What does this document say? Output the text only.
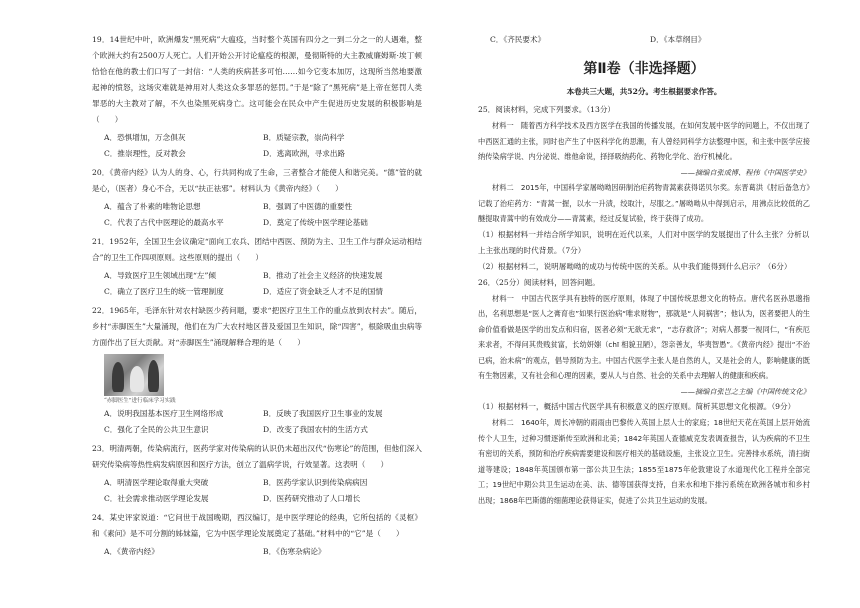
19．14世纪中叶，欧洲爆发“黑死病”大瘟疫，当时整个英国有四分之一到二分之一的人遇难，整个欧洲大约有2500万人死亡。人们开始公开讨论瘟疫的根源，曼彻斯特的大主教威廉姆斯·埃丁顿恰恰在他的教士们口写了一封信：“人类的疾病甚多可怕……如今它变本加厉，这现所当然地要激起神的愤怒，这场灾难就是神用对人类这众多罪恶的惩罚。”于是“除了“黑死病”是上帝在惩罚人类罪恶的大主教对了解，不久也染黑死病身亡。这可能会在民众中产生促进历史发展的积极影响是（　　）

A．恐惧增加，万念俱灰	B．质疑宗教，崇尚科学
C．推崇理性，反对教会	D．逃离欧洲，寻求出路

20．《黄帝内经》认为人的身、心，行共同构成了生命，三者整合才能使人和谐完美。“德”管的就是心，（医者）身心不合，无以“扶正祛邪”。材料认为《黄帝内经》（　　）

A．蕴含了朴素的唯物论思想	B．强调了中医德的重要性
C．代表了古代中医理论的最高水平	D．奠定了传统中医学理论基础

21．1952年，全国卫生会议确定“面向工农兵、团结中西医、预防为主、卫生工作与群众运动相结合”的卫生工作四项原则。这些原则的提出（　　）

A．导致医疗卫生领域出现“左”倾	B．推动了社会主义经济的快速发展
C．确立了医疗卫生的统一管理制度	D．适应了资金缺乏人才不足的国情

22．1965年，毛泽东针对农村缺医少药问题，要求“把医疗卫生工作的重点放到农村去”。随后，乡村“赤脚医生”大量涌现，他们在为广大农村地区普及爱国卫生知识，除“四害”，根除吸血虫病等方面作出了巨大贡献。对“赤脚医生”涌现解释合理的是（　　）

“赤脚医生”进行临床学习实践
A．说明我国基本医疗卫生网络形成	B．反映了我国医疗卫生事业的发展
C．强化了全民的公共卫生意识	D．改变了我国农村的生活方式

23．明清两朝，传染病流行，医药学家对传染病的认识仍未超出汉代“伤寒论”的范围，但他们深入研究传染病等热性病发病原因和医疗方法，创立了温病学说，行效显著。这表明（　　）

A．明清医学理论取得重大突破	B．医药学家认识到传染病病因
C．社会需求推动医学理论发展	D．医药研究推动了人口增长

24．某史评家说道：“它问世于战国晚期，西汉编订，是中医学理论的经典，它所包括的《灵枢》和《素问》是不可分割的姊妹篇，它为中医学理论发展奠定了基础。”材料中的“它”是（　　）

A．《黄帝内经》	B．《伤寒杂病论》
C．《齐民要术》	D．《本草纲目》
第Ⅱ卷（非选择题）
本卷共三大题，共52分。考生根据要求作答。

25．阅读材料，完成下列要求。（13分）

材料一　随着西方科学技术及西方医学在我国的传播发展，在如何发展中医学的问题上，不仅出现了中西医汇通的主张，同时也产生了中医科学化的思潮，有人曾经同科学方法整理中医，和主张中医学应接纳传染病学说、内分泌说、维他命说，择择吸纳药化、药物化学化、治疗机械化。

——摘编自张成博、程伟《中国医学史》

材料二　2015年，中国科学家屠呦呦因研制治疟药物青蒿素获得诺贝尔奖。东晋葛洪《肘后备急方》记载了治疟药方：“青蒿一握，以水一升渍，绞取汁，尽服之。”屠呦呦从中得到启示，用沸点比较低的乙醚提取青蒿中的有效成分——青蒿素，经过反复试验，终于获得了成功。

（1）根据材料一并结合所学知识，说明在近代以来，人们对中医学的发展提出了什么主张？分析以上主张出现的时代背景。（7分）

（2）根据材料二，说明屠呦呦的成功与传统中医的关系。从中我们能得到什么启示？（6分）

26．（25分）阅读材料，回答问题。

材料一　中国古代医学具有独特的医疗原则，体现了中国传统思想文化的特点。唐代名医孙思邈指出，名利思想是“医人之膏育也”如果行医治病“唯求财物”，那就是“人间祸害”；他认为，医者要把人的生命价值看做是医学的出发点和归宿，医者必须“无欲无求”，“志存救济”；对病人都要一视同仁，“有疾厄来求者，不得问其贵贱贫富，长幼妍媸（chī 相貌丑陋），怨亲善友，华夷智愚”。《黄帝内经》提出“不治已病，治未病”的观点，倡导预防为主。中国古代医学主张人是自然的人，又是社会的人，影响健康的既有生物因素，又有社会和心理的因素，要从人与自然、社会的关系中去理解人的健康和疾病。

——摘编自张岂之主编《中国传统文化》

（1）根据材料一，概括中国古代医学具有积极意义的医疗原则。简析其思想文化根源。（9分）

材料二　1640年，周长冲朝的雨雨由巴黎传入英国上层人士的家庭；18世纪天花在英国上层开始流传个人卫生，过种习惯逐渐传至欧洲和北美；1842年英国人查德威克发表调查报告，认为疾病的不卫生有密切的关系，预防和治疗疾病需要建设和医疗相关的基础设施，主张设立卫生。完善排水系统，清扫街道等建设；1848年英国颁布第一部公共卫生法；1855至1875年伦敦建设了水道现代化工程并全部完工；19世纪中期公共卫生运动在美、法、德等国获得支持，自来水和地下排污系统在欧洲各城市和乡村出现；1868年巴斯德的细菌理论获得证实，促进了公共卫生运动的发展。
